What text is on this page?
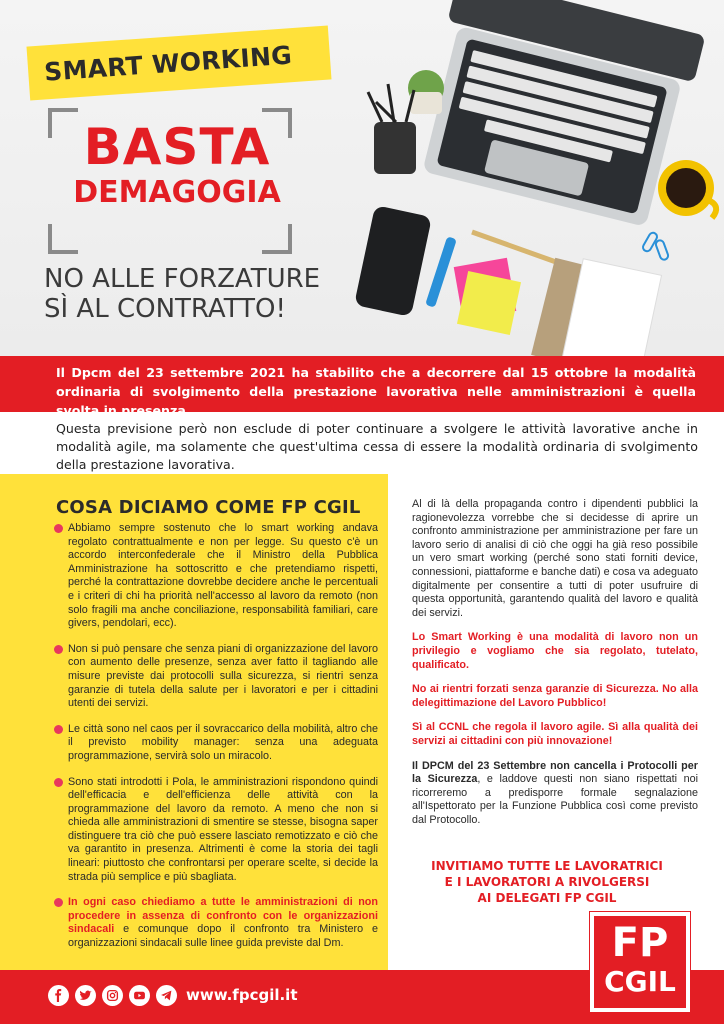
SMART WORKING
BASTA
DEMAGOGIA
NO ALLE FORZATURE
SÌ AL CONTRATTO!
Il Dpcm del 23 settembre 2021 ha stabilito che a decorrere dal 15 ottobre la modalità ordinaria di svolgimento della prestazione lavorativa nelle amministrazioni è quella svolta in presenza.
Questa previsione però non esclude di poter continuare a svolgere le attività lavorative anche in modalità agile, ma solamente che quest'ultima cessa di essere la modalità ordinaria di svolgimento della prestazione lavorativa.
COSA DICIAMO COME FP CGIL
Abbiamo sempre sostenuto che lo smart working andava regolato contrattualmente e non per legge. Su questo c'è un accordo interconfederale che il Ministro della Pubblica Amministrazione ha sottoscritto e che pretendiamo rispetti, perché la contrattazione dovrebbe decidere anche le percentuali e i criteri di chi ha priorità nell'accesso al lavoro da remoto (non solo fragili ma anche conciliazione, responsabilità familiari, care givers, pendolari, ecc).
Non si può pensare che senza piani di organizzazione del lavoro con aumento delle presenze, senza aver fatto il tagliando alle misure previste dai protocolli sulla sicurezza, si rientri senza garanzie di tutela della salute per i lavoratori e per i cittadini utenti dei servizi.
Le città sono nel caos per il sovraccarico della mobilità, altro che il previsto mobility manager: senza una adeguata programmazione, servirà solo un miracolo.
Sono stati introdotti i Pola, le amministrazioni rispondono quindi dell'efficacia e dell'efficienza delle attività con la programmazione del lavoro da remoto. A meno che non si chieda alle amministrazioni di smentire se stesse, bisogna saper distinguere tra ciò che può essere lasciato remotizzato e ciò che va garantito in presenza. Altrimenti è come la storia dei tagli lineari: piuttosto che confrontarsi per operare scelte, si decide la strada più semplice e più sbagliata.
In ogni caso chiediamo a tutte le amministrazioni di non procedere in assenza di confronto con le organizzazioni sindacali e comunque dopo il confronto tra Ministero e organizzazioni sindacali sulle linee guida previste dal Dm.

Al di là della propaganda contro i dipendenti pubblici la ragionevolezza vorrebbe che si decidesse di aprire un confronto amministrazione per amministrazione per fare un lavoro serio di analisi di ciò che oggi ha già reso possibile un vero smart working (perché sono stati forniti device, connessioni, piattaforme e banche dati) e cosa va adeguato digitalmente per consentire a tutti di poter usufruire di questa opportunità, garantendo qualità del lavoro e qualità dei servizi.

Lo Smart Working è una modalità di lavoro non un privilegio e vogliamo che sia regolato, tutelato, qualificato.

No ai rientri forzati senza garanzie di Sicurezza. No alla delegittimazione del Lavoro Pubblico!

Sì al CCNL che regola il lavoro agile. Sì alla qualità dei servizi ai cittadini con più innovazione!

Il DPCM del 23 Settembre non cancella i Protocolli per la Sicurezza, e laddove questi non siano rispettati noi ricorreremo a predisporre formale segnalazione all'Ispettorato per la Funzione Pubblica così come previsto dal Protocollo.

INVITIAMO TUTTE LE LAVORATRICI
E I LAVORATORI A RIVOLGERSI
AI DELEGATI FP CGIL
www.fpcgil.it
FP
CGIL
